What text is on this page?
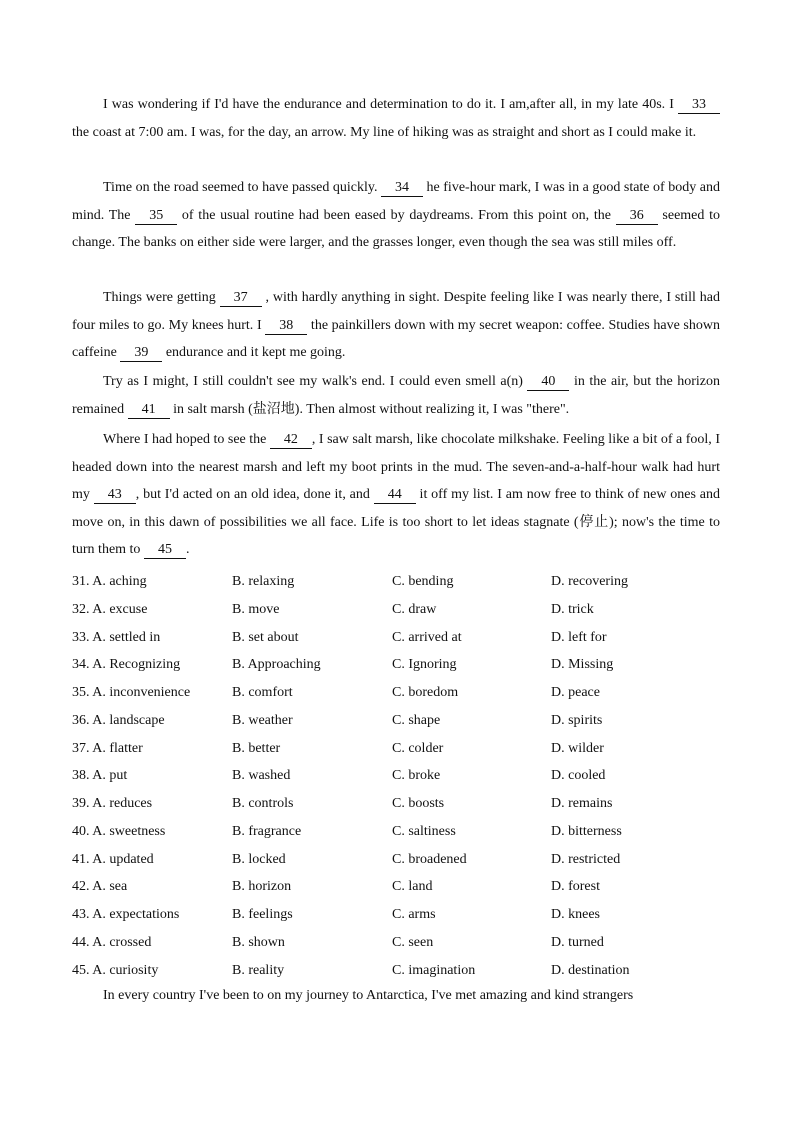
I was wondering if I'd have the endurance and determination to do it. I am,after all, in my late 40s. I 33 the coast at 7:00 am. I was, for the day, an arrow. My line of hiking was as straight and short as I could make it.

Time on the road seemed to have passed quickly. 34 he five-hour mark, I was in a good state of body and mind. The 35 of the usual routine had been eased by daydreams. From this point on, the 36 seemed to change. The banks on either side were larger, and the grasses longer, even though the sea was still miles off.

Things were getting 37 , with hardly anything in sight. Despite feeling like I was nearly there, I still had four miles to go. My knees hurt. I 38 the painkillers down with my secret weapon: coffee. Studies have shown caffeine 39 endurance and it kept me going.

Try as I might, I still couldn't see my walk's end. I could even smell a(n) 40 in the air, but the horizon remained 41 in salt marsh (盐沼地). Then almost without realizing it, I was "there".

Where I had hoped to see the 42 , I saw salt marsh, like chocolate milkshake. Feeling like a bit of a fool, I headed down into the nearest marsh and left my boot prints in the mud. The seven-and-a-half-hour walk had hurt my 43 , but I'd acted on an old idea, done it, and 44 it off my list. I am now free to think of new ones and move on, in this dawn of possibilities we all face. Life is too short to let ideas stagnate (停止); now's the time to turn them to 45 .

31. A. aching	B. relaxing	C. bending	D. recovering
32. A. excuse	B. move	C. draw	D. trick
33. A. settled in	B. set about	C. arrived at	D. left for
34. A. Recognizing	B. Approaching	C. Ignoring	D. Missing
35. A. inconvenience	B. comfort	C. boredom	D. peace
36. A. landscape	B. weather	C. shape	D. spirits
37. A. flatter	B. better	C. colder	D. wilder
38. A. put	B. washed	C. broke	D. cooled
39. A. reduces	B. controls	C. boosts	D. remains
40. A. sweetness	B. fragrance	C. saltiness	D. bitterness
41. A. updated	B. locked	C. broadened	D. restricted
42. A. sea	B. horizon	C. land	D. forest
43. A. expectations	B. feelings	C. arms	D. knees
44. A. crossed	B. shown	C. seen	D. turned
45. A. curiosity	B. reality	C. imagination	D. destination

In every country I've been to on my journey to Antarctica, I've met amazing and kind strangers
